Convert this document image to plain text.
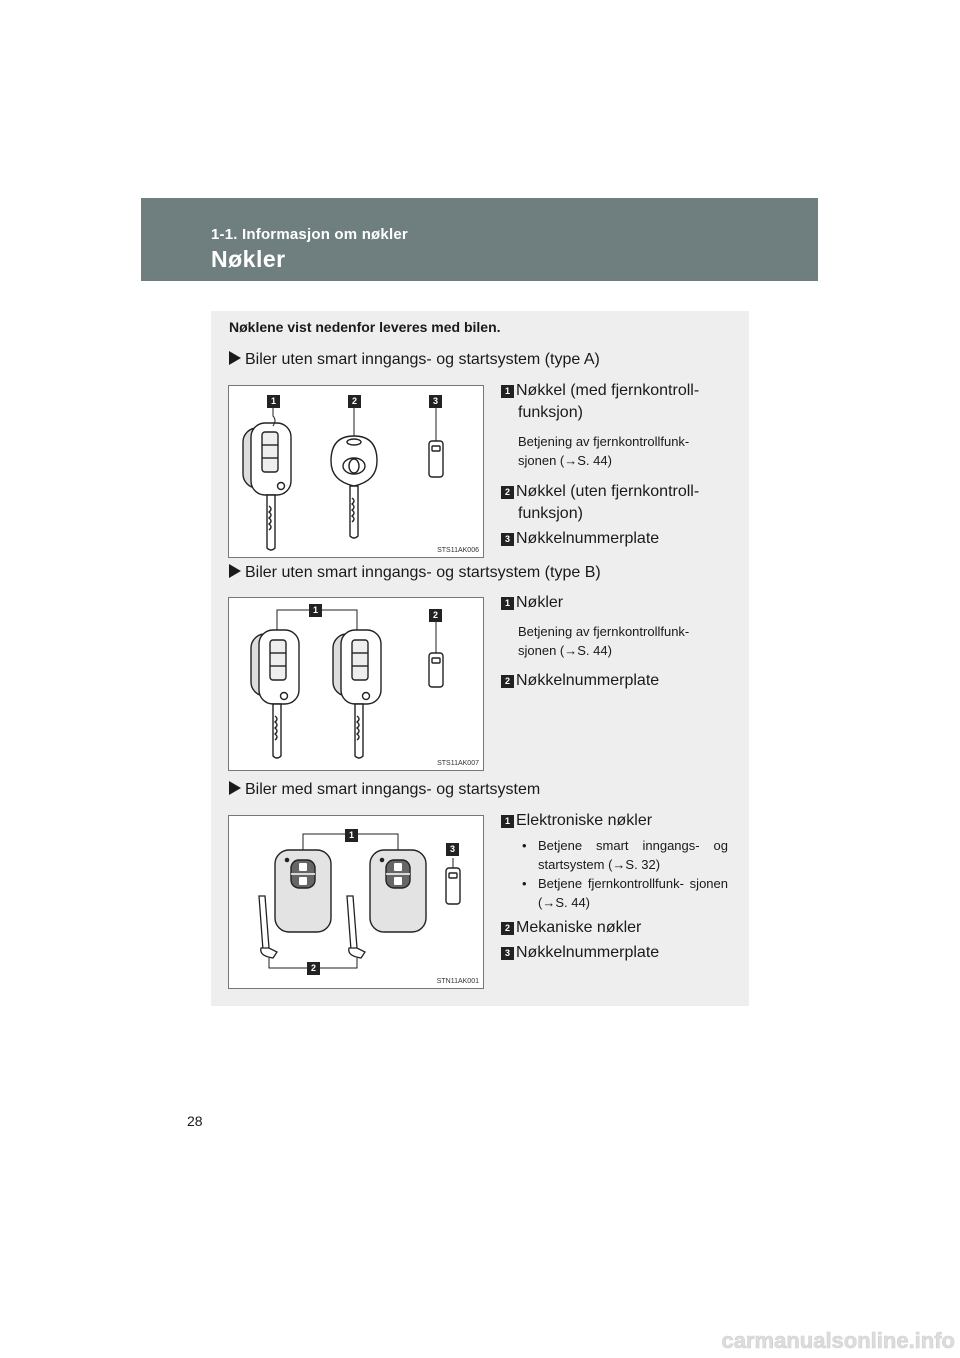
1-1. Informasjon om nøkler
Nøkler
Nøklene vist nedenfor leveres med bilen.
Biler uten smart inngangs- og startsystem (type A)
1	2	3
STS11AK006
1 Nøkkel (med fjernkontroll-
funksjon)
Betjening av fjernkontrollfunk-
sjonen (→S. 44)
2 Nøkkel (uten fjernkontroll-
funksjon)
3 Nøkkelnummerplate
Biler uten smart inngangs- og startsystem (type B)
1	2
STS11AK007
1 Nøkler
Betjening av fjernkontrollfunk-
sjonen (→S. 44)
2 Nøkkelnummerplate
Biler med smart inngangs- og startsystem
1
2
3
STN11AK001
1 Elektroniske nøkler
• Betjene smart inngangs- og startsystem (→S. 32)
• Betjene fjernkontrollfunk- sjonen (→S. 44)
2 Mekaniske nøkler
3 Nøkkelnummerplate
28
carmanualsonline.info
